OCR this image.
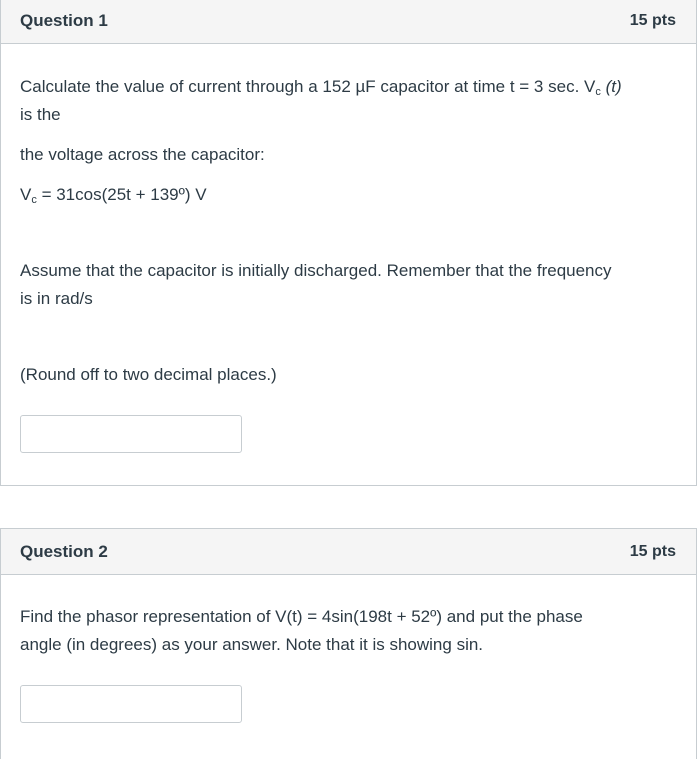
Question 1	15 pts
Calculate the value of current through a 152 µF capacitor at time t = 3 sec. $V_c$ (t)
is the
the voltage across the capacitor:
$V_c = 31\cos(25t$ + 139º) V
Assume that the capacitor is initially discharged. Remember that the frequency
is in rad/s
(Round off to two decimal places.)
Question 2	15 pts
Find the phasor representation of V(t) = 4sin(198t + 52º) and put the phase
angle (in degrees) as your answer. Note that it is showing sin.
